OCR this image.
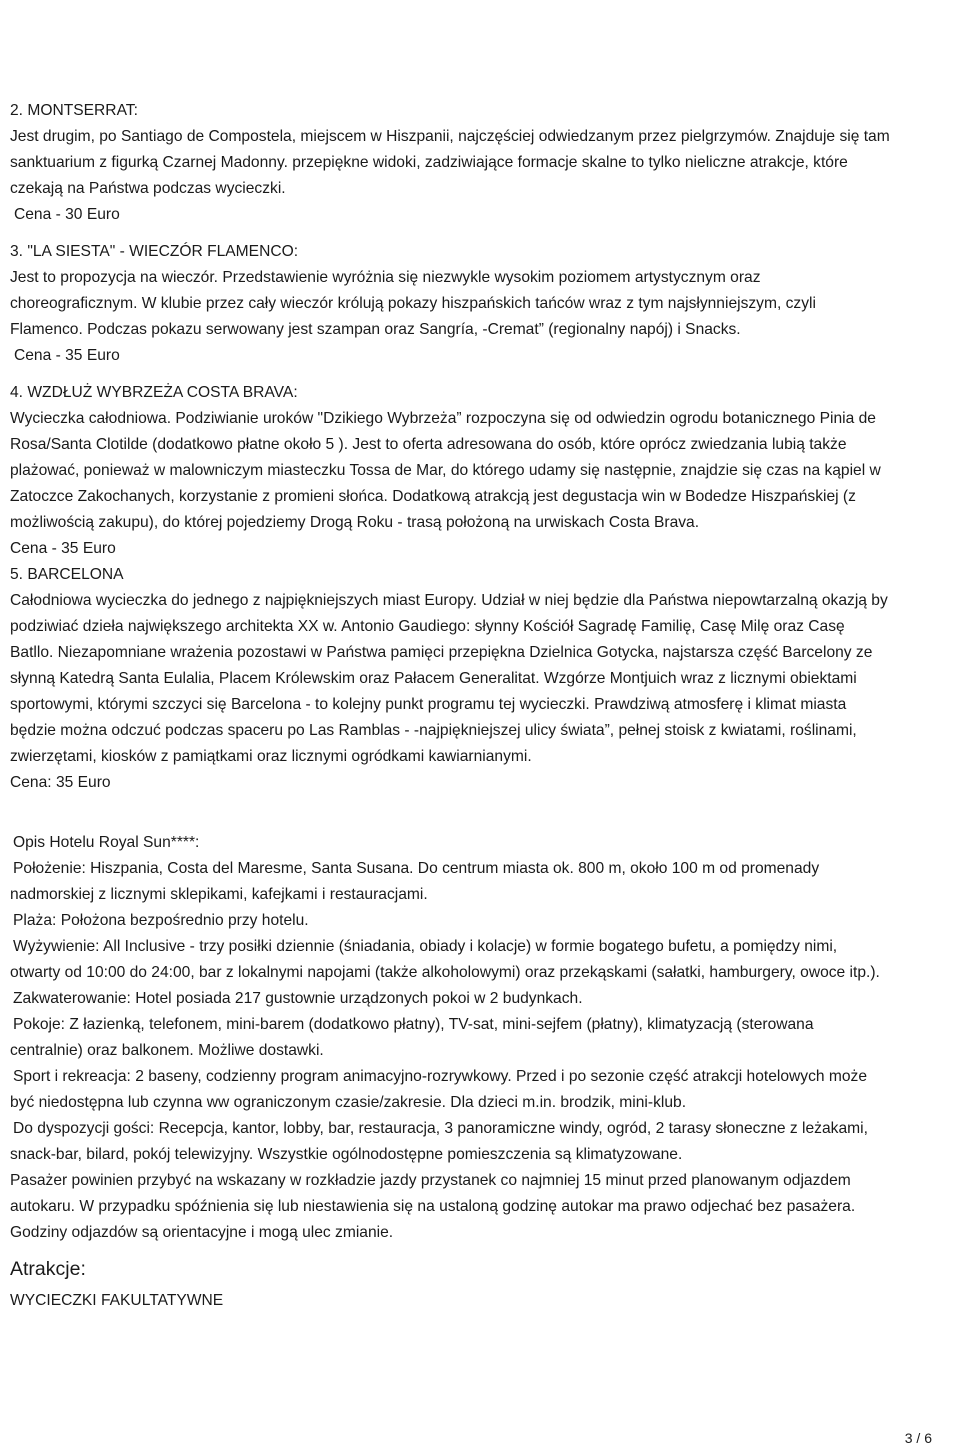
2. MONTSERRAT:
Jest drugim, po Santiago de Compostela, miejscem w Hiszpanii, najczęściej odwiedzanym przez pielgrzymów. Znajduje się tam
sanktuarium z figurką Czarnej Madonny. przepiękne widoki, zadziwiające formacje skalne to tylko nieliczne atrakcje, które
czekają na Państwa podczas wycieczki.
Cena - 30 Euro
3. "LA SIESTA" - WIECZÓR FLAMENCO:
Jest to propozycja na wieczór. Przedstawienie wyróżnia się niezwykle wysokim poziomem artystycznym oraz
choreograficznym. W klubie przez cały wieczór królują pokazy hiszpańskich tańców wraz z tym najsłynniejszym, czyli
Flamenco. Podczas pokazu serwowany jest szampan oraz Sangría, -Cremat” (regionalny napój) i Snacks.
Cena - 35 Euro
4. WZDŁUŻ WYBRZEŻA COSTA BRAVA:
Wycieczka całodniowa. Podziwianie uroków "Dzikiego Wybrzeża” rozpoczyna się od odwiedzin ogrodu botanicznego Pinia de
Rosa/Santa Clotilde (dodatkowo płatne około 5 ). Jest to oferta adresowana do osób, które oprócz zwiedzania lubią także
plażować, ponieważ w malowniczym miasteczku Tossa de Mar, do którego udamy się następnie, znajdzie się czas na kąpiel w
Zatoczce Zakochanych, korzystanie z promieni słońca. Dodatkową atrakcją jest degustacja win w Bodedze Hiszpańskiej (z
możliwością zakupu), do której pojedziemy Drogą Roku - trasą położoną na urwiskach Costa Brava.
Cena - 35 Euro
5. BARCELONA
Całodniowa wycieczka do jednego z najpiękniejszych miast Europy. Udział w niej będzie dla Państwa niepowtarzalną okazją by
podziwiać dzieła największego architekta XX w. Antonio Gaudiego: słynny Kościół Sagradę Familię, Casę Milę oraz Casę
Batllo. Niezapomniane wrażenia pozostawi w Państwa pamięci przepiękna Dzielnica Gotycka, najstarsza część Barcelony ze
słynną Katedrą Santa Eulalia, Placem Królewskim oraz Pałacem Generalitat. Wzgórze Montjuich wraz z licznymi obiektami
sportowymi, którymi szczyci się Barcelona - to kolejny punkt programu tej wycieczki. Prawdziwą atmosferę i klimat miasta
będzie można odczuć podczas spaceru po Las Ramblas - -najpiękniejszej ulicy świata”, pełnej stoisk z kwiatami, roślinami,
zwierzętami, kiosków z pamiątkami oraz licznymi ogródkami kawiarnianymi.
Cena: 35 Euro
Opis Hotelu Royal Sun****:
Położenie: Hiszpania, Costa del Maresme, Santa Susana. Do centrum miasta ok. 800 m, około 100 m od promenady
nadmorskiej z licznymi sklepikami, kafejkami i restauracjami.
Plaża: Położona bezpośrednio przy hotelu.
Wyżywienie: All Inclusive - trzy posiłki dziennie (śniadania, obiady i kolacje) w formie bogatego bufetu, a pomiędzy nimi,
otwarty od 10:00 do 24:00, bar z lokalnymi napojami (także alkoholowymi) oraz przekąskami (sałatki, hamburgery, owoce itp.).
Zakwaterowanie: Hotel posiada 217 gustownie urządzonych pokoi w 2 budynkach.
Pokoje: Z łazienką, telefonem, mini-barem (dodatkowo płatny), TV-sat, mini-sejfem (płatny), klimatyzacją (sterowana
centralnie) oraz balkonem. Możliwe dostawki.
Sport i rekreacja: 2 baseny, codzienny program animacyjno-rozrywkowy. Przed i po sezonie część atrakcji hotelowych może
być niedostępna lub czynna ww ograniczonym czasie/zakresie. Dla dzieci m.in. brodzik, mini-klub.
Do dyspozycji gości: Recepcja, kantor, lobby, bar, restauracja, 3 panoramiczne windy, ogród, 2 tarasy słoneczne z leżakami,
snack-bar, bilard, pokój telewizyjny. Wszystkie ogólnodostępne pomieszczenia są klimatyzowane.
Pasażer powinien przybyć na wskazany w rozkładzie jazdy przystanek co najmniej 15 minut przed planowanym odjazdem
autokaru. W przypadku spóźnienia się lub niestawienia się na ustaloną godzinę autokar ma prawo odjechać bez pasażera.
Godziny odjazdów są orientacyjne i mogą ulec zmianie.
Atrakcje:
WYCIECZKI FAKULTATYWNE
3 / 6
